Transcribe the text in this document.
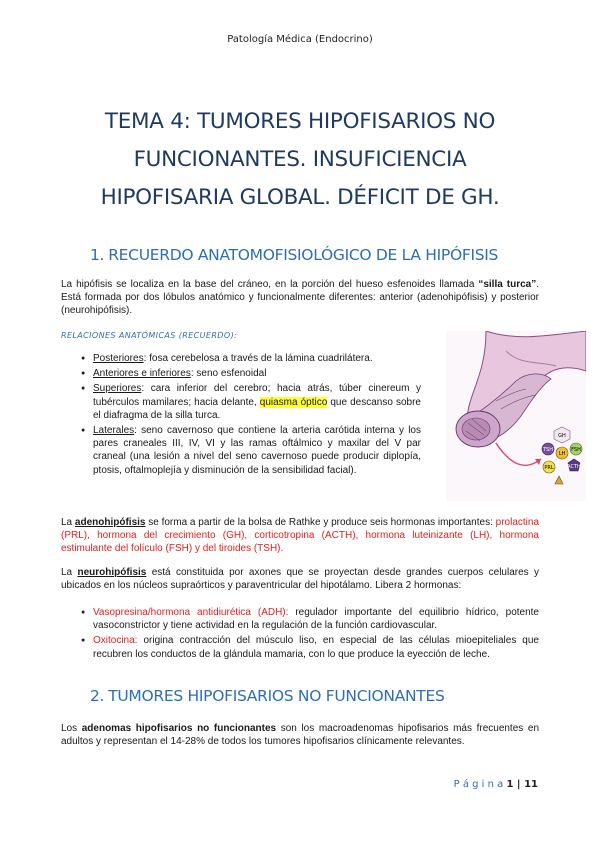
Patología Médica (Endocrino)
TEMA 4: TUMORES HIPOFISARIOS NO
FUNCIONANTES. INSUFICIENCIA
HIPOFISARIA GLOBAL. DÉFICIT DE GH.
1. RECUERDO ANATOMOFISIOLÓGICO DE LA HIPÓFISIS
La hipófisis se localiza en la base del cráneo, en la porción del hueso esfenoides llamada “silla turca”. Está formada por dos lóbulos anatómico y funcionalmente diferentes: anterior (adenohipófisis) y posterior (neurohipófisis).
RELACIONES ANATÓMICAS (RECUERDO):
● Posteriores: fosa cerebelosa a través de la lámina cuadrilátera.
● Anteriores e inferiores: seno esfenoidal
● Superiores: cara inferior del cerebro; hacia atrás, túber cinereum y tubérculos mamilares; hacia delante, quiasma óptico que descanso sobre el diafragma de la silla turca.
● Laterales: seno cavernoso que contiene la arteria carótida interna y los pares craneales III, IV, VI y las ramas oftálmico y maxilar del V par craneal (una lesión a nivel del seno cavernoso puede producir diplopía, ptosis, oftalmoplejía y disminución de la sensibilidad facial).
GH
TSH
LH
FSH
PRL	ACTH
La adenohipófisis se forma a partir de la bolsa de Rathke y produce seis hormonas importantes: prolactina (PRL), hormona del crecimiento (GH), corticotropina (ACTH), hormona luteinizante (LH), hormona estimulante del folículo (FSH) y del tiroides (TSH).
La neurohipófisis está constituida por axones que se proyectan desde grandes cuerpos celulares y ubicados en los núcleos supraórticos y paraventricular del hipotálamo. Libera 2 hormonas:
● Vasopresina/hormona antidiurética (ADH): regulador importante del equilibrio hídrico, potente vasoconstrictor y tiene actividad en la regulación de la función cardiovascular.
● Oxitocina: origina contracción del músculo liso, en especial de las células mioepiteliales que recubren los conductos de la glándula mamaria, con lo que produce la eyección de leche.
2. TUMORES HIPOFISARIOS NO FUNCIONANTES
Los adenomas hipofisarios no funcionantes son los macroadenomas hipofisarios más frecuentes en adultos y representan el 14-28% de todos los tumores hipofisarios clínicamente relevantes.
P á g i n a 1 | 11
